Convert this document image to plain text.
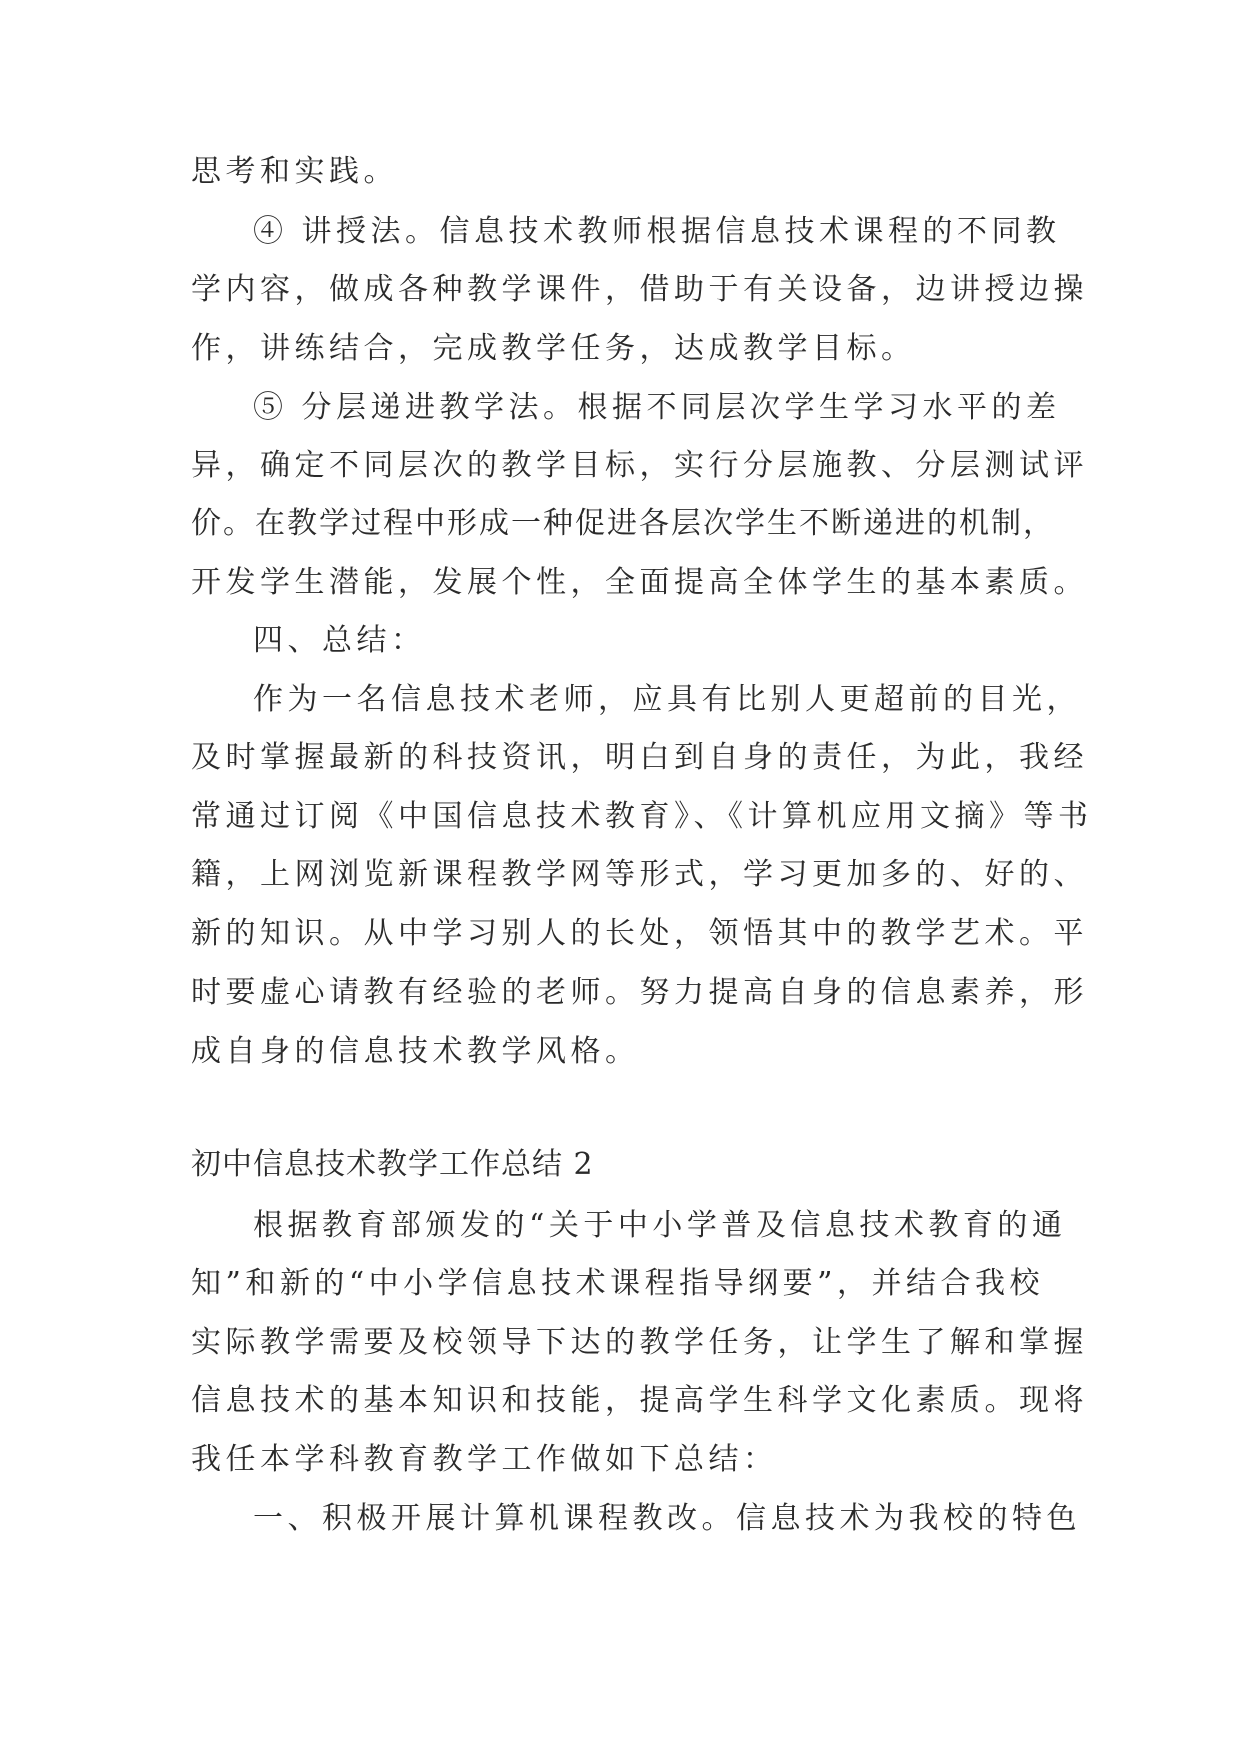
思考和实践。
④ 讲授法。信息技术教师根据信息技术课程的不同教
学内容，做成各种教学课件，借助于有关设备，边讲授边操
作，讲练结合，完成教学任务，达成教学目标。
⑤ 分层递进教学法。根据不同层次学生学习水平的差
异，确定不同层次的教学目标，实行分层施教、分层测试评
价。在教学过程中形成一种促进各层次学生不断递进的机制，
开发学生潜能，发展个性，全面提高全体学生的基本素质。
四、总结：
作为一名信息技术老师，应具有比别人更超前的目光，
及时掌握最新的科技资讯，明白到自身的责任，为此，我经
常通过订阅《中国信息技术教育》、《计算机应用文摘》等书
籍，上网浏览新课程教学网等形式，学习更加多的、好的、
新的知识。从中学习别人的长处，领悟其中的教学艺术。平
时要虚心请教有经验的老师。努力提高自身的信息素养，形
成自身的信息技术教学风格。
初中信息技术教学工作总结 2
根据教育部颁发的“关于中小学普及信息技术教育的通
知”和新的“中小学信息技术课程指导纲要”，并结合我校
实际教学需要及校领导下达的教学任务，让学生了解和掌握
信息技术的基本知识和技能，提高学生科学文化素质。现将
我任本学科教育教学工作做如下总结：
一、积极开展计算机课程教改。信息技术为我校的特色
